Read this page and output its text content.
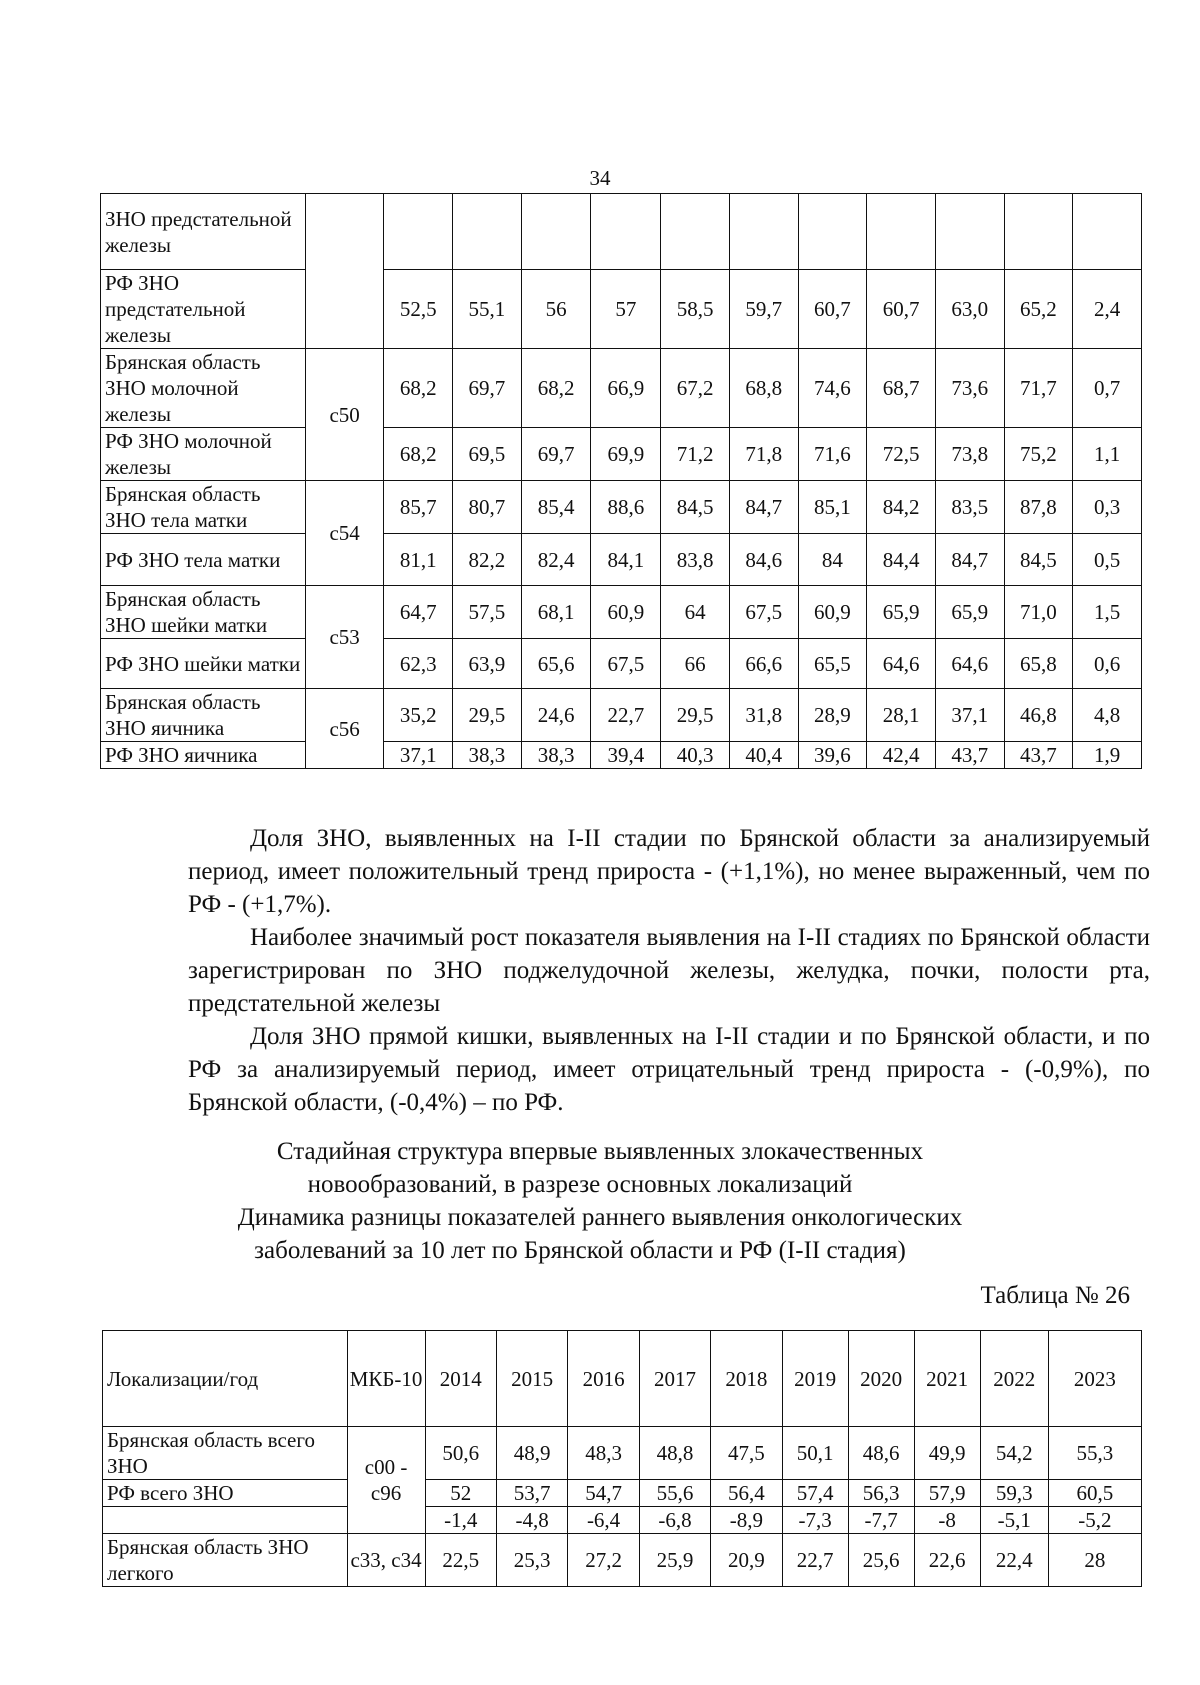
34
ЗНО предстательной железы												
РФ ЗНО предстательной железы		52,5	55,1	56	57	58,5	59,7	60,7	60,7	63,0	65,2	2,4
Брянская область ЗНО молочной железы	с50	68,2	69,7	68,2	66,9	67,2	68,8	74,6	68,7	73,6	71,7	0,7
РФ ЗНО молочной железы		68,2	69,5	69,7	69,9	71,2	71,8	71,6	72,5	73,8	75,2	1,1
Брянская область ЗНО тела матки	с54	85,7	80,7	85,4	88,6	84,5	84,7	85,1	84,2	83,5	87,8	0,3
РФ ЗНО тела матки		81,1	82,2	82,4	84,1	83,8	84,6	84	84,4	84,7	84,5	0,5
Брянская область ЗНО шейки матки	с53	64,7	57,5	68,1	60,9	64	67,5	60,9	65,9	65,9	71,0	1,5
РФ ЗНО шейки матки		62,3	63,9	65,6	67,5	66	66,6	65,5	64,6	64,6	65,8	0,6
Брянская область ЗНО яичника	с56	35,2	29,5	24,6	22,7	29,5	31,8	28,9	28,1	37,1	46,8	4,8
РФ ЗНО яичника		37,1	38,3	38,3	39,4	40,3	40,4	39,6	42,4	43,7	43,7	1,9

Доля ЗНО, выявленных на I-II стадии по Брянской области за анализируемый период, имеет положительный тренд прироста - (+1,1%), но менее выраженный, чем по РФ - (+1,7%).

Наиболее значимый рост показателя выявления на I-II стадиях по Брянской области зарегистрирован по ЗНО поджелудочной железы, желудка, почки, полости рта, предстательной железы

Доля ЗНО прямой кишки, выявленных на I-II стадии и по Брянской области, и по РФ за анализируемый период, имеет отрицательный тренд прироста - (-0,9%), по Брянской области, (-0,4%) – по РФ.

Стадийная структура впервые выявленных злокачественных
новообразований, в разрезе основных локализаций
Динамика разницы показателей раннего выявления онкологических
заболеваний за 10 лет по Брянской области и РФ (I-II стадия)
Таблица № 26
Локализации/год	МКБ-10	2014	2015	2016	2017	2018	2019	2020	2021	2022	2023
Брянская область всего ЗНО	с00 - с96	50,6	48,9	48,3	48,8	47,5	50,1	48,6	49,9	54,2	55,3
РФ всего ЗНО		52	53,7	54,7	55,6	56,4	57,4	56,3	57,9	59,3	60,5
		-1,4	-4,8	-6,4	-6,8	-8,9	-7,3	-7,7	-8	-5,1	-5,2
Брянская область ЗНО легкого	с33, с34	22,5	25,3	27,2	25,9	20,9	22,7	25,6	22,6	22,4	28
